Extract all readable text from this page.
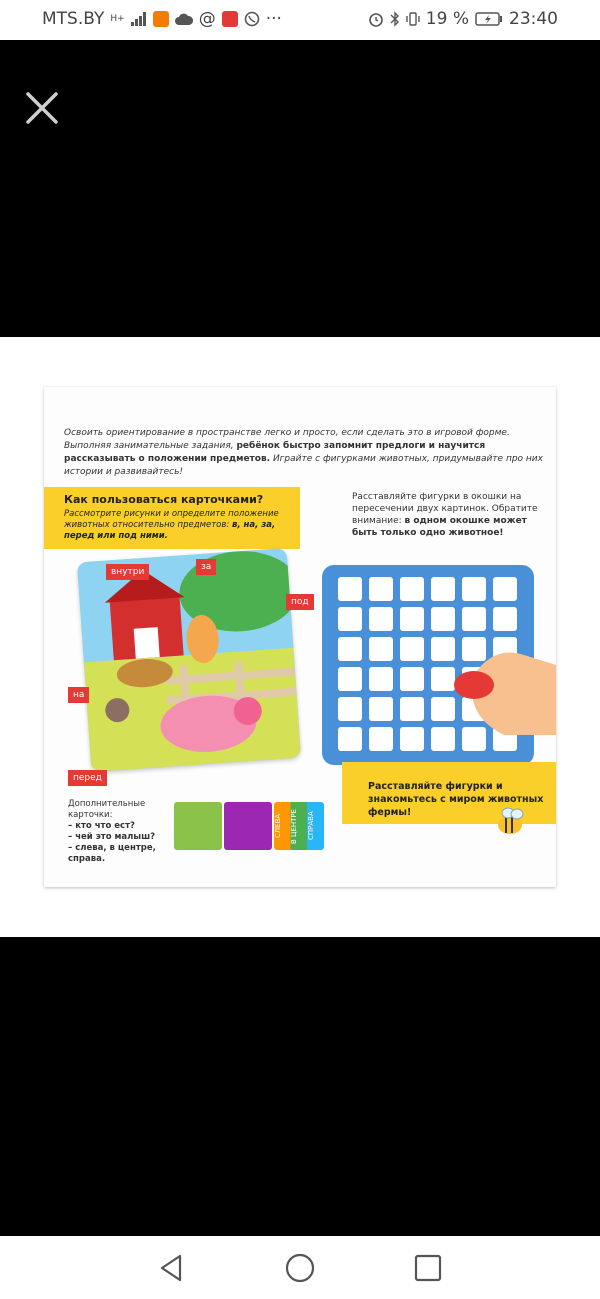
MTS.BY H+	@	···	19 % 23:40
Освоить ориентирование в пространстве легко и просто, если сделать это в игровой форме. Выполняя занимательные задания, ребёнок быстро запомнит предлоги и научится рассказывать о положении предметов. Играйте с фигурками животных, придумывайте про них истории и развивайтесь!
Как пользоваться карточками?
Рассмотрите рисунки и определите положение животных относительно предметов: в, на, за, перед или под ними.
Расставляйте фигурки в окошки на пересечении двух картинок. Обратите внимание: в одном окошке может быть только одно животное!
внутри	за
под
на
перед
Расставляйте фигурки и знакомьтесь с миром животных фермы!
Дополнительные карточки:
– кто что ест?
– чей это малыш?
– слева, в центре, справа.
СЛЕВА	В ЦЕНТРЕ	СПРАВА
